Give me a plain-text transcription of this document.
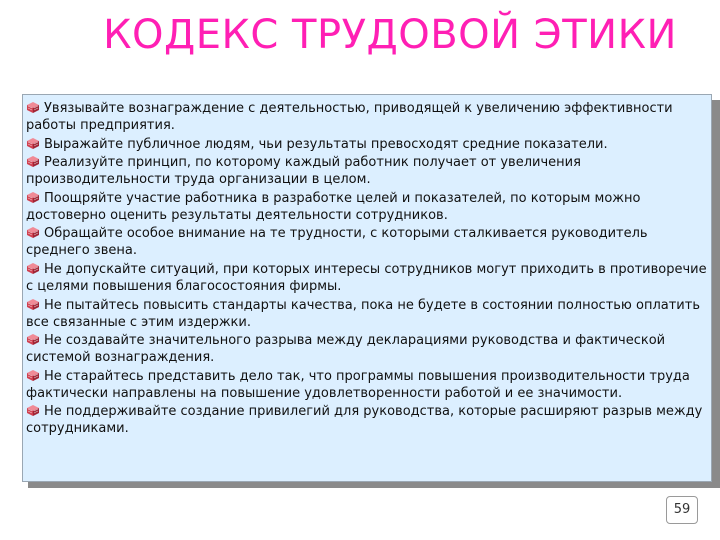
КОДЕКС ТРУДОВОЙ ЭТИКИ
Увязывайте вознаграждение с деятельностью, приводящей к увеличению эффективности работы предприятия.
Выражайте публичное людям, чьи результаты превосходят средние показатели.
Реализуйте принцип, по которому каждый работник получает от увеличения производительности труда организации в целом.
Поощряйте участие работника в разработке целей и показателей, по которым можно достоверно оценить результаты деятельности сотрудников.
Обращайте особое внимание на те трудности, с которыми сталкивается руководитель среднего звена.
Не допускайте ситуаций, при которых интересы сотрудников могут приходить в противоречие с целями повышения благосостояния фирмы.
Не пытайтесь повысить стандарты качества, пока не будете в состоянии полностью оплатить все связанные с этим издержки.
Не создавайте значительного разрыва между декларациями руководства и фактической системой вознаграждения.
Не старайтесь представить дело так, что программы повышения производительности труда фактически направлены на повышение удовлетворенности работой и ее значимости.
Не поддерживайте создание привилегий для руководства, которые расширяют разрыв между сотрудниками.
59
